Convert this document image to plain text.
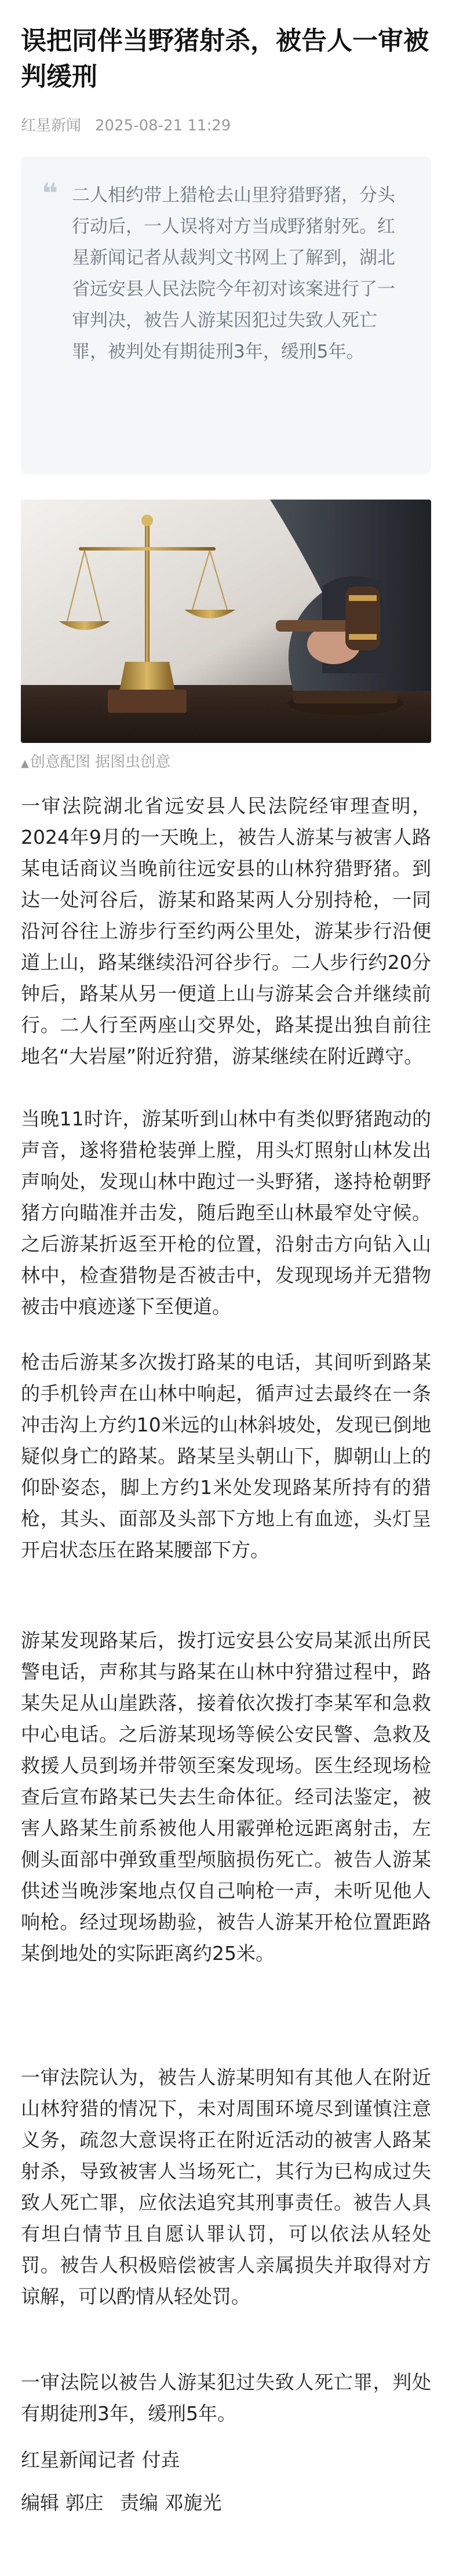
误把同伴当野猪射杀，被告人一审被判缓刑
红星新闻 2025-08-21 11:29
❝ 二人相约带上猎枪去山里狩猎野猪，分头行动后，一人误将对方当成野猪射死。红星新闻记者从裁判文书网上了解到，湖北省远安县人民法院今年初对该案进行了一审判决，被告人游某因犯过失致人死亡罪，被判处有期徒刑3年，缓刑5年。

▲创意配图 据图虫创意

一审法院湖北省远安县人民法院经审理查明，2024年9月的一天晚上，被告人游某与被害人路某电话商议当晚前往远安县的山林狩猎野猪。到达一处河谷后，游某和路某两人分别持枪，一同沿河谷往上游步行至约两公里处，游某步行沿便道上山，路某继续沿河谷步行。二人步行约20分钟后，路某从另一便道上山与游某会合并继续前行。二人行至两座山交界处，路某提出独自前往地名“大岩屋”附近狩猎，游某继续在附近蹲守。

当晚11时许，游某听到山林中有类似野猪跑动的声音，遂将猎枪装弹上膛，用头灯照射山林发出声响处，发现山林中跑过一头野猪，遂持枪朝野猪方向瞄准并击发，随后跑至山林最窄处守候。之后游某折返至开枪的位置，沿射击方向钻入山林中，检查猎物是否被击中，发现现场并无猎物被击中痕迹遂下至便道。

枪击后游某多次拨打路某的电话，其间听到路某的手机铃声在山林中响起，循声过去最终在一条冲击沟上方约10米远的山林斜坡处，发现已倒地疑似身亡的路某。路某呈头朝山下，脚朝山上的仰卧姿态，脚上方约1米处发现路某所持有的猎枪，其头、面部及头部下方地上有血迹，头灯呈开启状态压在路某腰部下方。

游某发现路某后，拨打远安县公安局某派出所民警电话，声称其与路某在山林中狩猎过程中，路某失足从山崖跌落，接着依次拨打李某军和急救中心电话。之后游某现场等候公安民警、急救及救援人员到场并带领至案发现场。医生经现场检查后宣布路某已失去生命体征。经司法鉴定，被害人路某生前系被他人用霰弹枪远距离射击，左侧头面部中弹致重型颅脑损伤死亡。被告人游某供述当晚涉案地点仅自己响枪一声，未听见他人响枪。经过现场勘验，被告人游某开枪位置距路某倒地处的实际距离约25米。

一审法院认为，被告人游某明知有其他人在附近山林狩猎的情况下，未对周围环境尽到谨慎注意义务，疏忽大意误将正在附近活动的被害人路某射杀，导致被害人当场死亡，其行为已构成过失致人死亡罪，应依法追究其刑事责任。被告人具有坦白情节且自愿认罪认罚，可以依法从轻处罚。被告人积极赔偿被害人亲属损失并取得对方谅解，可以酌情从轻处罚。

一审法院以被告人游某犯过失致人死亡罪，判处有期徒刑3年，缓刑5年。

红星新闻记者 付垚

编辑 郭庄 责编 邓旎光
